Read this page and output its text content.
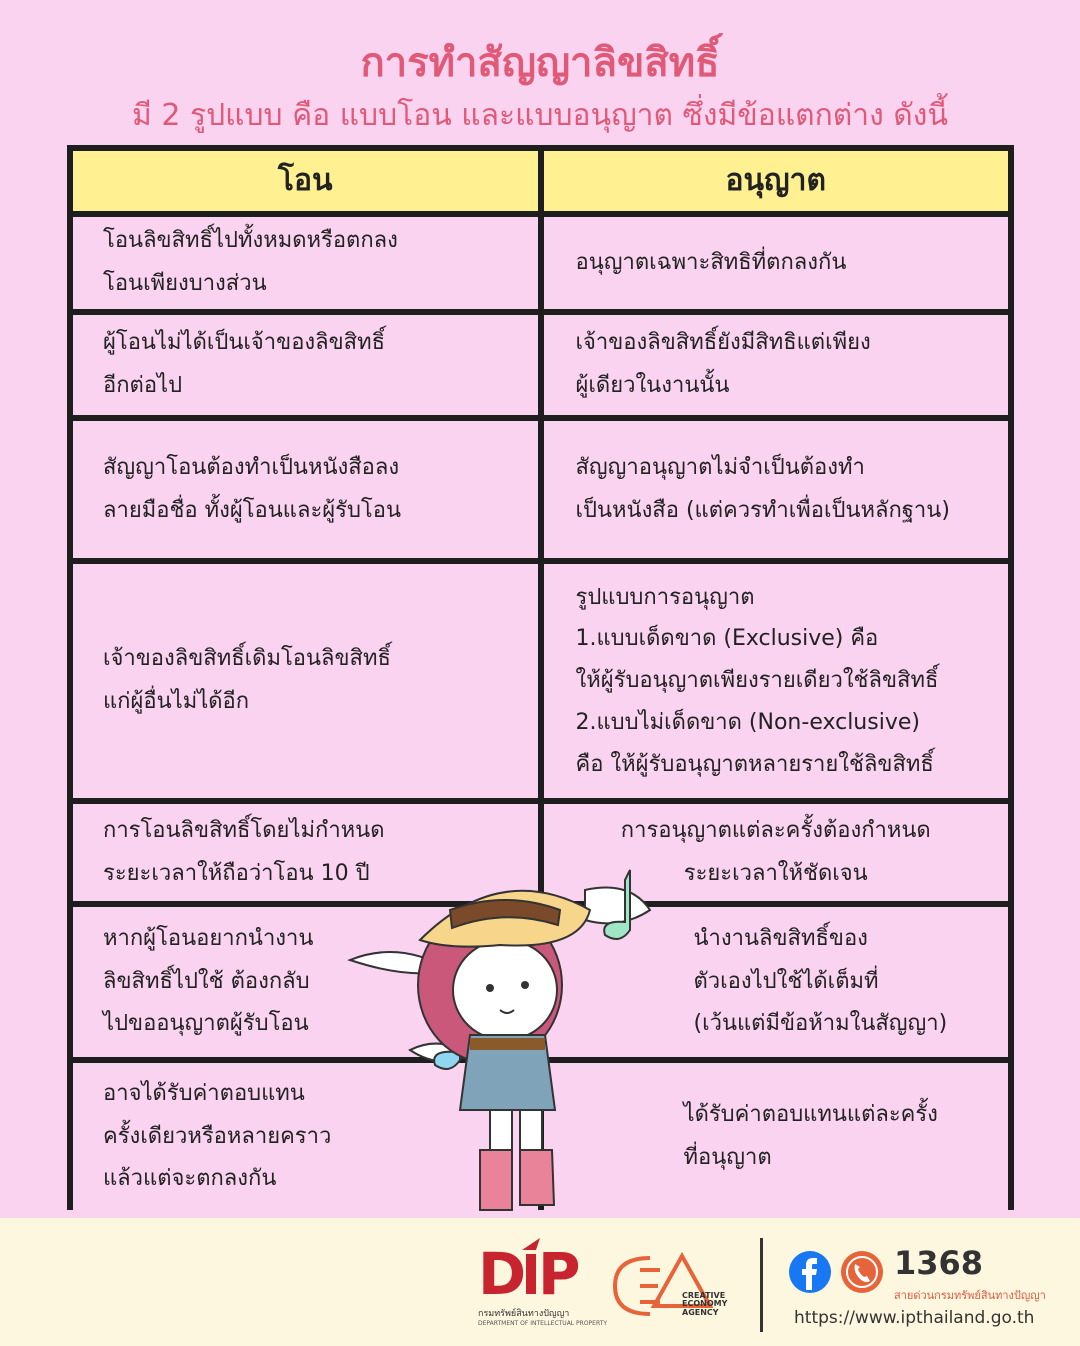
การทำสัญญาลิขสิทธิ์
มี 2 รูปแบบ คือ แบบโอน และแบบอนุญาต ซึ่งมีข้อแตกต่าง ดังนี้
โอน	อนุญาต
โอนลิขสิทธิ์ไปทั้งหมดหรือตกลง
โอนเพียงบางส่วน
อนุญาตเฉพาะสิทธิที่ตกลงกัน
ผู้โอนไม่ได้เป็นเจ้าของลิขสิทธิ์
อีกต่อไป
เจ้าของลิขสิทธิ์ยังมีสิทธิแต่เพียง
ผู้เดียวในงานนั้น
สัญญาโอนต้องทำเป็นหนังสือลง
ลายมือชื่อ ทั้งผู้โอนและผู้รับโอน
สัญญาอนุญาตไม่จำเป็นต้องทำ
เป็นหนังสือ (แต่ควรทำเพื่อเป็นหลักฐาน)
เจ้าของลิขสิทธิ์เดิมโอนลิขสิทธิ์
แก่ผู้อื่นไม่ได้อีก
รูปแบบการอนุญาต
1.แบบเด็ดขาด (Exclusive) คือ
ให้ผู้รับอนุญาตเพียงรายเดียวใช้ลิขสิทธิ์
2.แบบไม่เด็ดขาด (Non-exclusive)
คือ ให้ผู้รับอนุญาตหลายรายใช้ลิขสิทธิ์
การโอนลิขสิทธิ์โดยไม่กำหนด
ระยะเวลาให้ถือว่าโอน 10 ปี
การอนุญาตแต่ละครั้งต้องกำหนด
ระยะเวลาให้ชัดเจน
หากผู้โอนอยากนำงาน
ลิขสิทธิ์ไปใช้ ต้องกลับ
ไปขออนุญาตผู้รับโอน
นำงานลิขสิทธิ์ของ
ตัวเองไปใช้ได้เต็มที่
(เว้นแต่มีข้อห้ามในสัญญา)
อาจได้รับค่าตอบแทน
ครั้งเดียวหรือหลายคราว
แล้วแต่จะตกลงกัน
ได้รับค่าตอบแทนแต่ละครั้ง
ที่อนุญาต
D P
กรมทรัพย์สินทางปัญญา
DEPARTMENT OF INTELLECTUAL PROPERTY
CREATIVE
ECONOMY
AGENCY
1368
สายด่วนกรมทรัพย์สินทางปัญญา
https://www.ipthailand.go.th
